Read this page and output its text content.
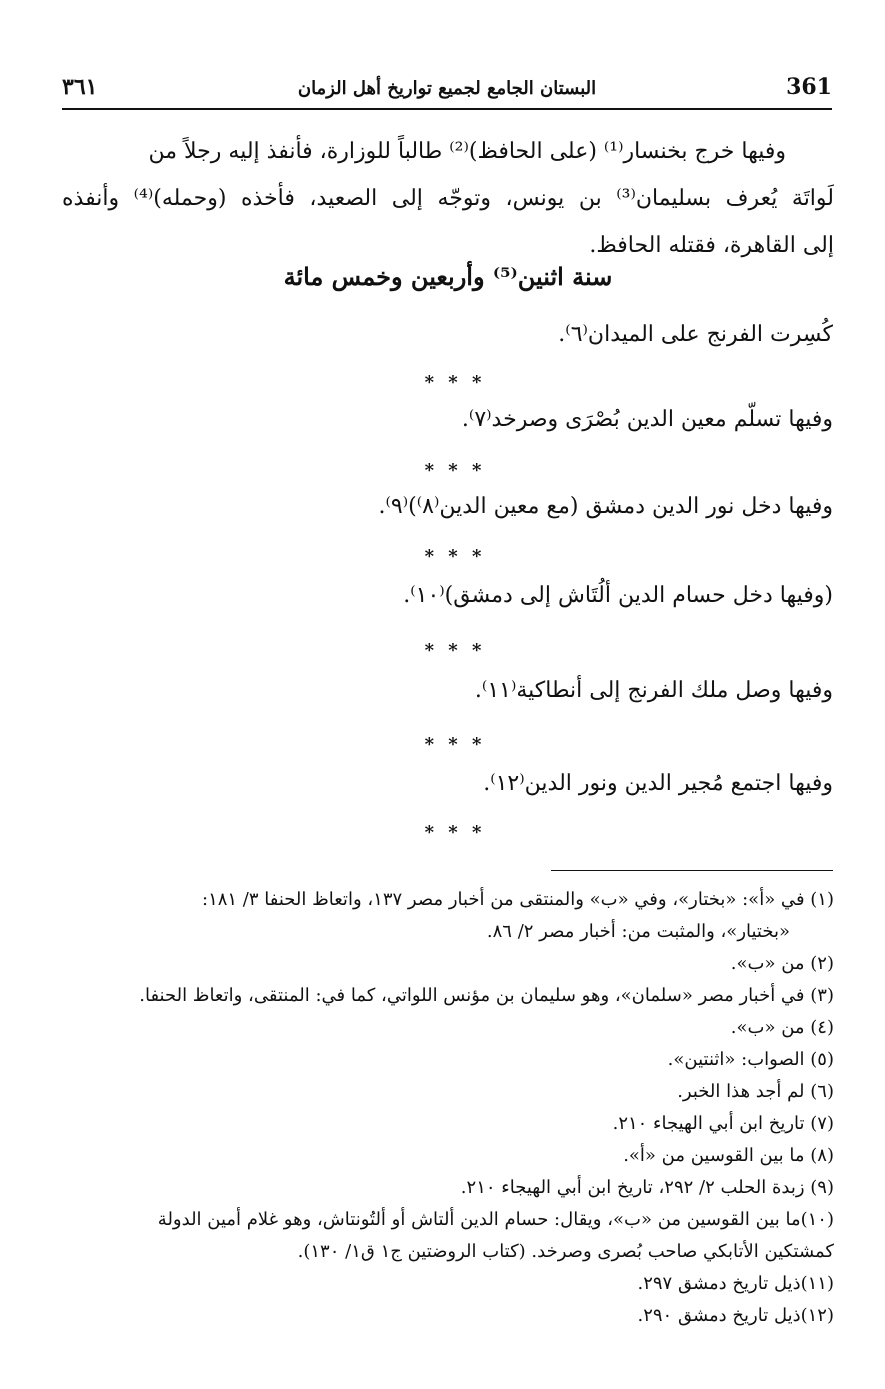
361
البستان الجامع لجميع تواريخ أهل الزمان
٣٦١

وفيها خرج بخنسار⁽¹⁾ (على الحافظ)⁽²⁾ طالباً للوزارة، فأنفذ إليه رجلاً من

لَواتَة يُعرف بسليمان⁽³⁾ بن يونس، وتوجّه إلى الصعيد، فأخذه (وحمله)⁽⁴⁾ وأنفذه
إلى القاهرة، فقتله الحافظ.
سنة اثنين⁽⁵⁾ وأربعين وخمس مائة
كُسِرت الفرنج على الميدان⁽٦⁾.
* * *
وفيها تسلّم معين الدين بُصْرَى وصرخد⁽٧⁾.
* * *
وفيها دخل نور الدين دمشق (مع معين الدين⁽٨⁾)⁽٩⁾.
* * *
(وفيها دخل حسام الدين ألُتَاش إلى دمشق)⁽١٠⁾.
* * *
وفيها وصل ملك الفرنج إلى أنطاكية⁽١١⁾.
* * *
وفيها اجتمع مُجير الدين ونور الدين⁽١٢⁾.
* * *
(١) في «أ»: «بختار»، وفي «ب» والمنتقى من أخبار مصر ١٣٧، واتعاظ الحنفا ٣/ ١٨١:
«بختيار»، والمثبت من: أخبار مصر ٢/ ٨٦.
(٢) من «ب».
(٣) في أخبار مصر «سلمان»، وهو سليمان بن مؤنس اللواتي، كما في: المنتقى، واتعاظ الحنفا.
(٤) من «ب».
(٥) الصواب: «اثنتين».
(٦) لم أجد هذا الخبر.
(٧) تاريخ ابن أبي الهيجاء ٢١٠.
(٨) ما بين القوسين من «أ».
(٩) زبدة الحلب ٢/ ٢٩٢، تاريخ ابن أبي الهيجاء ٢١٠.
(١٠)ما بين القوسين من «ب»، ويقال: حسام الدين ألتاش أو ألتُونتاش، وهو غلام أمين الدولة
كمشتكين الأتابكي صاحب بُصرى وصرخد. (كتاب الروضتين ج١ ق١/ ١٣٠).
(١١)ذيل تاريخ دمشق ٢٩٧.
(١٢)ذيل تاريخ دمشق ٢٩٠.
